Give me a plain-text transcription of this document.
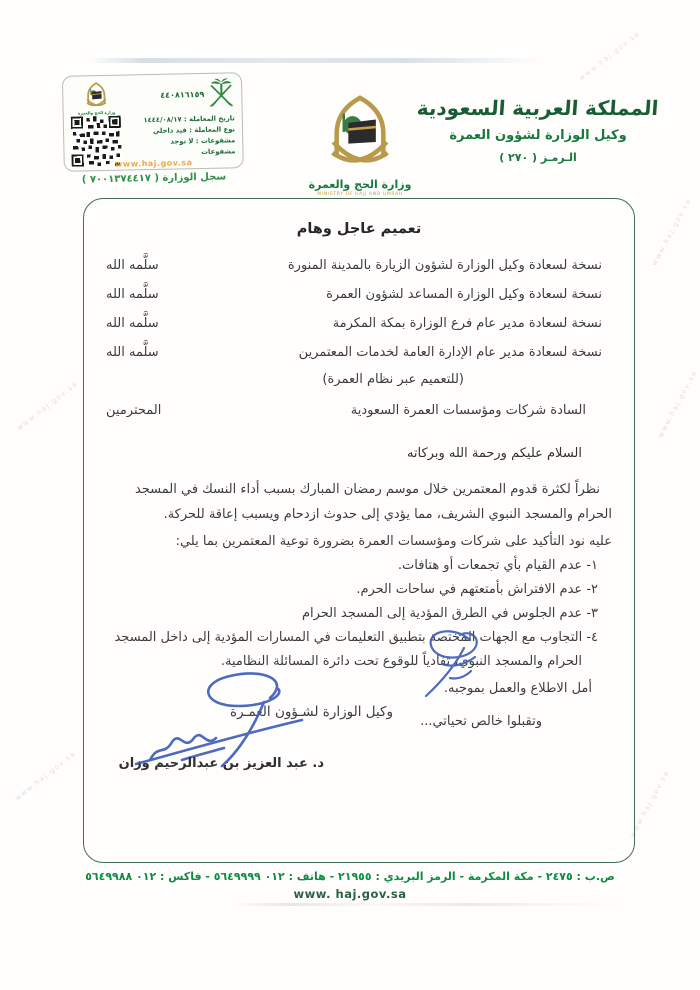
www.haj.gov.sa
www.haj.gov.sa
www.haj.gov.sa	www.haj.gov.sa
www.haj.gov.sa	www.haj.gov.sa
وزارة الحج والعمرة
٤٤٠٨١٦١٥٩
تاريخ المعاملة : ١٤٤٤/٠٨/١٧
نوع المعاملة : قيد داخلي
مشفوعات : لا توجد
مشفوعات
www.haj.gov.sa
سجل الوزارة ( ٧٠٠١٣٧٤٤١٧ )
وزارة الحج والعمرة
MINISTRY OF HAJJ AND UMRAH
المملكة العربية السعودية
وكيل الوزارة لشؤون العمرة
الـرمـز ( ٢٧٠ )
تعميم عاجل وهام
نسخة لسعادة وكيل الوزارة لشؤون الزيارة بالمدينة المنورة
سلَّمه الله
نسخة لسعادة وكيل الوزارة المساعد لشؤون العمرة
سلَّمه الله
نسخة لسعادة مدير عام فرع الوزارة بمكة المكرمة
سلَّمه الله
نسخة لسعادة مدير عام الإدارة العامة لخدمات المعتمرين
سلَّمه الله
(للتعميم عبر نظام العمرة)
السادة شركات ومؤسسات العمرة السعودية
المحترمين
السلام عليكم ورحمة الله وبركاته
نظراً لكثرة قدوم المعتمرين خلال موسم رمضان المبارك بسبب أداء النسك في المسجد الحرام والمسجد النبوي الشريف، مما يؤدي إلى حدوث ازدحام ويسبب إعاقة للحركة.
عليه نود التأكيد على شركات ومؤسسات العمرة بضرورة توعية المعتمرين بما يلي:
١- عدم القيام بأي تجمعات أو هتافات.
٢- عدم الافتراش بأمتعتهم في ساحات الحرم.
٣- عدم الجلوس في الطرق المؤدية إلى المسجد الحرام
٤- التجاوب مع الجهات المختصة بتطبيق التعليمات في المسارات المؤدية إلى داخل المسجد الحرام والمسجد النبوي، تفادياً للوقوع تحت دائرة المسائلة النظامية.
أمل الاطلاع والعمل بموجبه.
وتقبلوا خالص تحياتي...
وكيل الوزارة لشـؤون العمـرة
د. عبد العزيز بن عبدالرحيم وزان
ص.ب : ٢٤٧٥ - مكة المكرمة - الرمز البريدي : ٢١٩٥٥ - هاتف : ٠١٢ ٥٦٤٩٩٩٩ - فاكس : ٠١٢ ٥٦٤٩٩٨٨
www. haj.gov.sa
